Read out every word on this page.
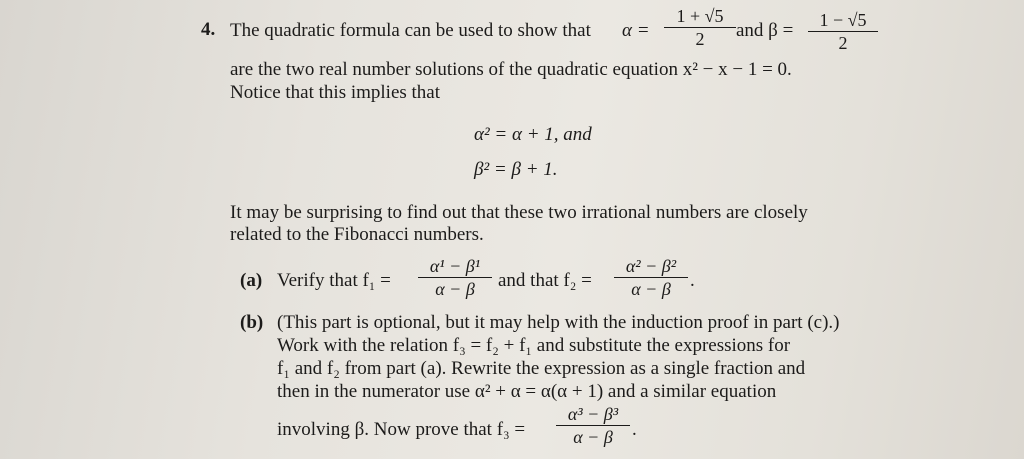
4. The quadratic formula can be used to show that α =
1 + √5
2	and β =	1 − √5
2
are the two real number solutions of the quadratic equation x² − x − 1 = 0.
Notice that this implies that
α² = α + 1, and
β² = β + 1.
It may be surprising to find out that these two irrational numbers are closely
related to the Fibonacci numbers.
(a) Verify that f₁ =
α¹ − β¹
α − β	and that f₂ =
α² − β²
α − β	.
(b) (This part is optional, but it may help with the induction proof in part (c).)
Work with the relation f₃ = f₂ + f₁ and substitute the expressions for
f₁ and f₂ from part (a). Rewrite the expression as a single fraction and
then in the numerator use α² + α = α(α + 1) and a similar equation
involving β. Now prove that f₃ =
α³ − β³
α − β	.
